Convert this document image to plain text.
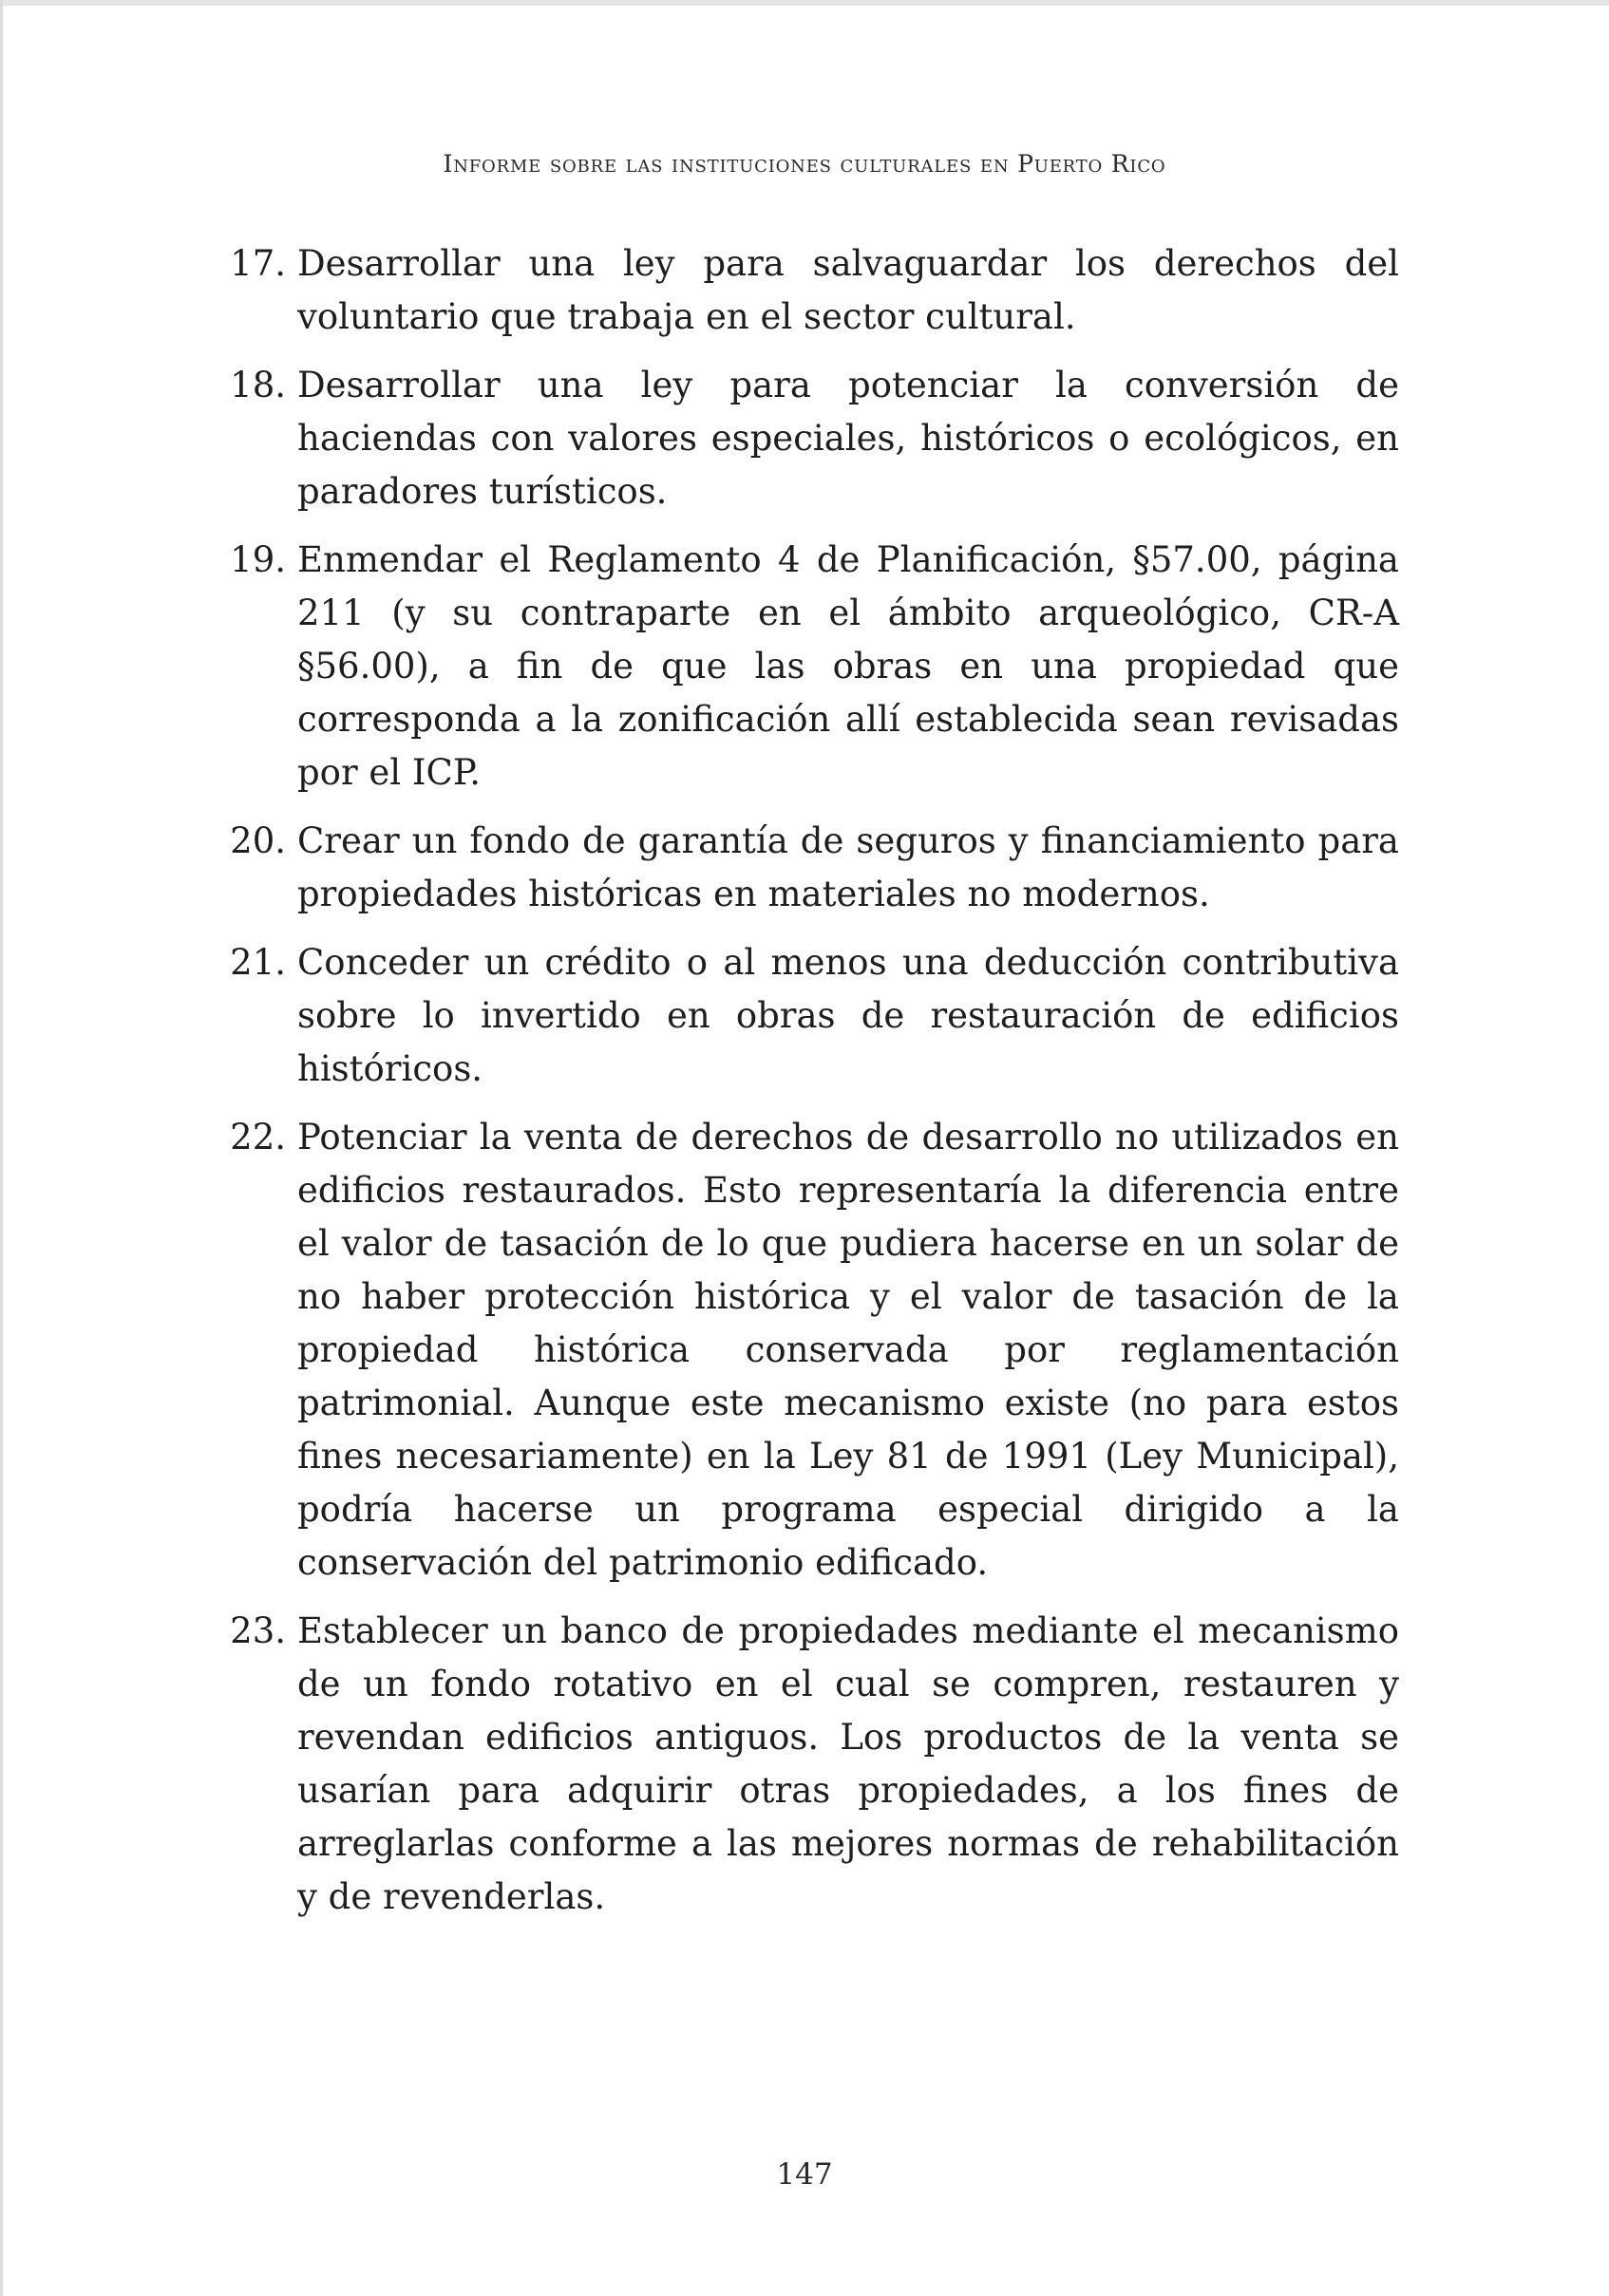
Informe sobre las instituciones culturales en Puerto Rico
17. Desarrollar una ley para salvaguardar los derechos del voluntario que trabaja en el sector cultural.
18. Desarrollar una ley para potenciar la conversión de haciendas con valores especiales, históricos o ecológicos, en paradores turísticos.
19. Enmendar el Reglamento 4 de Planificación, §57.00, página 211 (y su contraparte en el ámbito arqueológico, CR-A §56.00), a fin de que las obras en una propiedad que corresponda a la zonificación allí establecida sean revisadas por el ICP.
20. Crear un fondo de garantía de seguros y financiamiento para propiedades históricas en materiales no modernos.
21. Conceder un crédito o al menos una deducción contributiva sobre lo invertido en obras de restauración de edificios históricos.
22. Potenciar la venta de derechos de desarrollo no utilizados en edificios restaurados. Esto representaría la diferencia entre el valor de tasación de lo que pudiera hacerse en un solar de no haber protección histórica y el valor de tasación de la propiedad histórica conservada por reglamentación patrimonial. Aunque este mecanismo existe (no para estos fines necesariamente) en la Ley 81 de 1991 (Ley Municipal), podría hacerse un programa especial dirigido a la conservación del patrimonio edificado.
23. Establecer un banco de propiedades mediante el mecanismo de un fondo rotativo en el cual se compren, restauren y revendan edificios antiguos. Los productos de la venta se usarían para adquirir otras propiedades, a los fines de arreglarlas conforme a las mejores normas de rehabilitación y de revenderlas.
147
